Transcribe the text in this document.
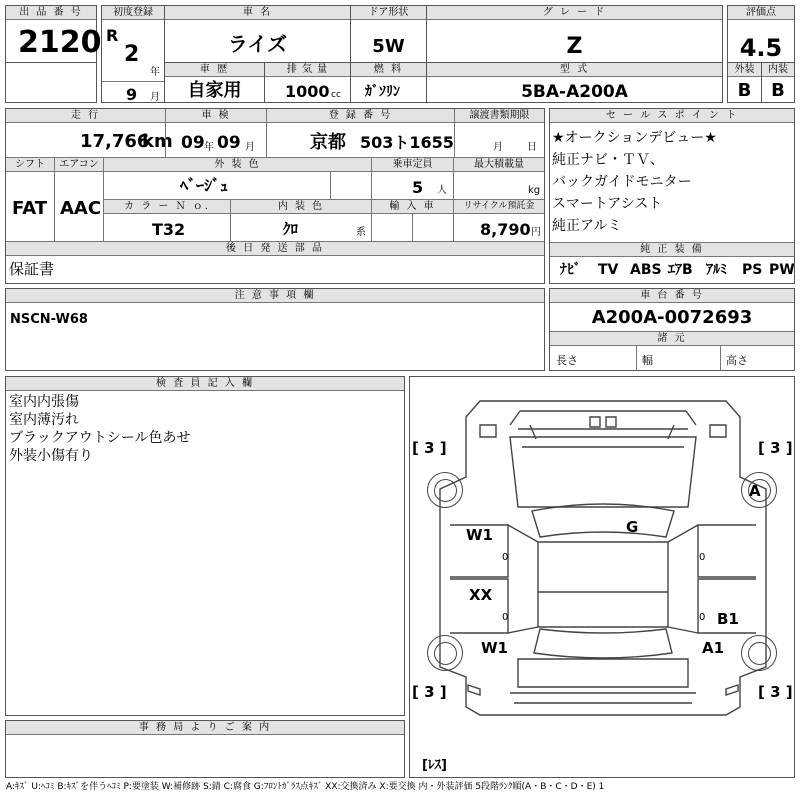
出 品 番 号
2120
初度登録
R
2
年
9 月
車 名
ライズ
ドア形状
5W
グ レ ー ド
Z
評価点
4.5
車 歴
自家用
排 気 量
1000 cc
燃 料
ｶﾞｿﾘﾝ
型 式
5BA-A200A
外装
B
内装
B
走 行
17,766
km
車 検
09 年 09 月
登 録 番 号
京都 503ト1655
譲渡書類期限
月 日
シフト
FAT
エアコン
AAC
外 装 色
ﾍﾞｰｼﾞｭ
乗車定員
5 人
最大積載量
kg
カ ラ ー Ｎ ｏ.
T32
内 装 色
ｸﾛ	系
輸 入 車	リサイクル預託金
8,790 円
後 日 発 送 部 品
保証書
セ ー ル ス ポ イ ン ト
★オークションデビュー★
純正ナビ・ＴＶ、
バックガイドモニター
スマートアシスト
純正アルミ
純 正 装 備
ﾅﾋﾞ TV ABS ｴｱB ｱﾙﾐ PS PW
注 意 事 項 欄
NSCN-W68
車 台 番 号
A200A-0072693
諸 元
長さ	幅	高さ
検 査 員 記 入 欄
室内内張傷
室内薄汚れ
ブラックアウトシール色あせ
外装小傷有り
事 務 局 よ り ご 案 内
[ 3 ]	[ 3 ]
[ 3 ]	[ 3 ]
[ﾚｽ]
A
G
W1
XX
B1
W1	A1
0
0
0
0
A:ｷｽﾞ U:ﾍｺﾐ B:ｷｽﾞを伴うﾍｺﾐ P:要塗装 W:補修跡 S:錆 C:腐食 G:ﾌﾛﾝﾄｶﾞﾗｽ点ｷｽﾞ XX:交換済み X:要交換 内・外装評価 5段階ﾗﾝｸ順(A・B・C・D・E) 1
